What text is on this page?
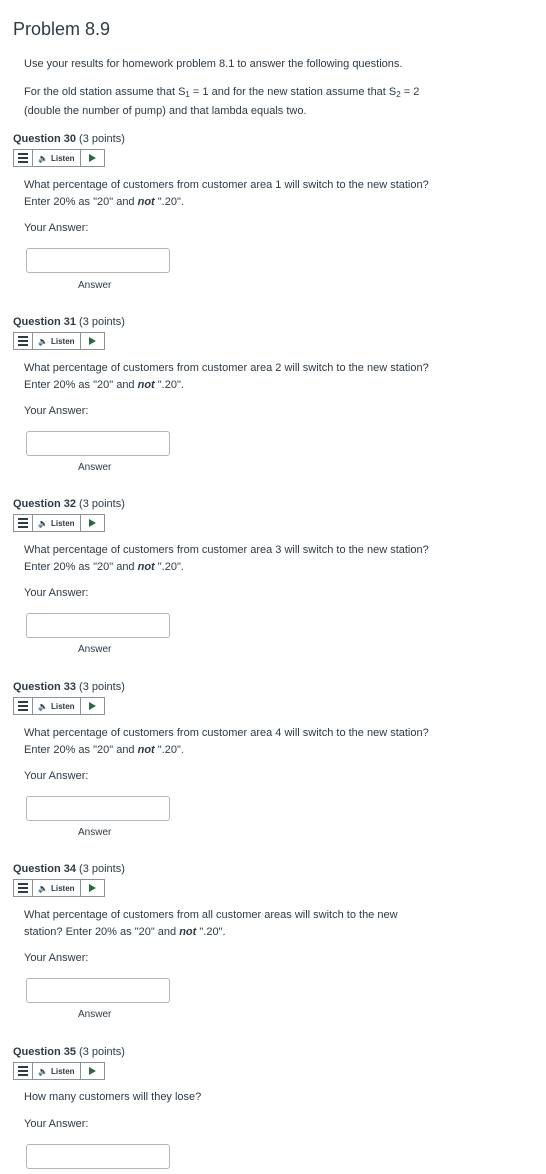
Problem 8.9
Use your results for homework problem 8.1 to answer the following questions.
For the old station assume that $S_1 = 1$ and for the new station assume that $S_2 = 2$
(double the number of pump) and that lambda equals two.
Question 30 (3 points)
🔈 Listen
What percentage of customers from customer area 1 will switch to the new station?
Enter 20% as "20" and not ".20".
Your Answer:
Answer
Question 31 (3 points)
🔈 Listen
What percentage of customers from customer area 2 will switch to the new station?
Enter 20% as "20" and not ".20".
Your Answer:
Answer
Question 32 (3 points)
🔈 Listen
What percentage of customers from customer area 3 will switch to the new station?
Enter 20% as "20" and not ".20".
Your Answer:
Answer
Question 33 (3 points)
🔈 Listen
What percentage of customers from customer area 4 will switch to the new station?
Enter 20% as "20" and not ".20".
Your Answer:
Answer
Question 34 (3 points)
🔈 Listen
What percentage of customers from all customer areas will switch to the new
station? Enter 20% as "20" and not ".20".
Your Answer:
Answer
Question 35 (3 points)
🔈 Listen
How many customers will they lose?
Your Answer:
